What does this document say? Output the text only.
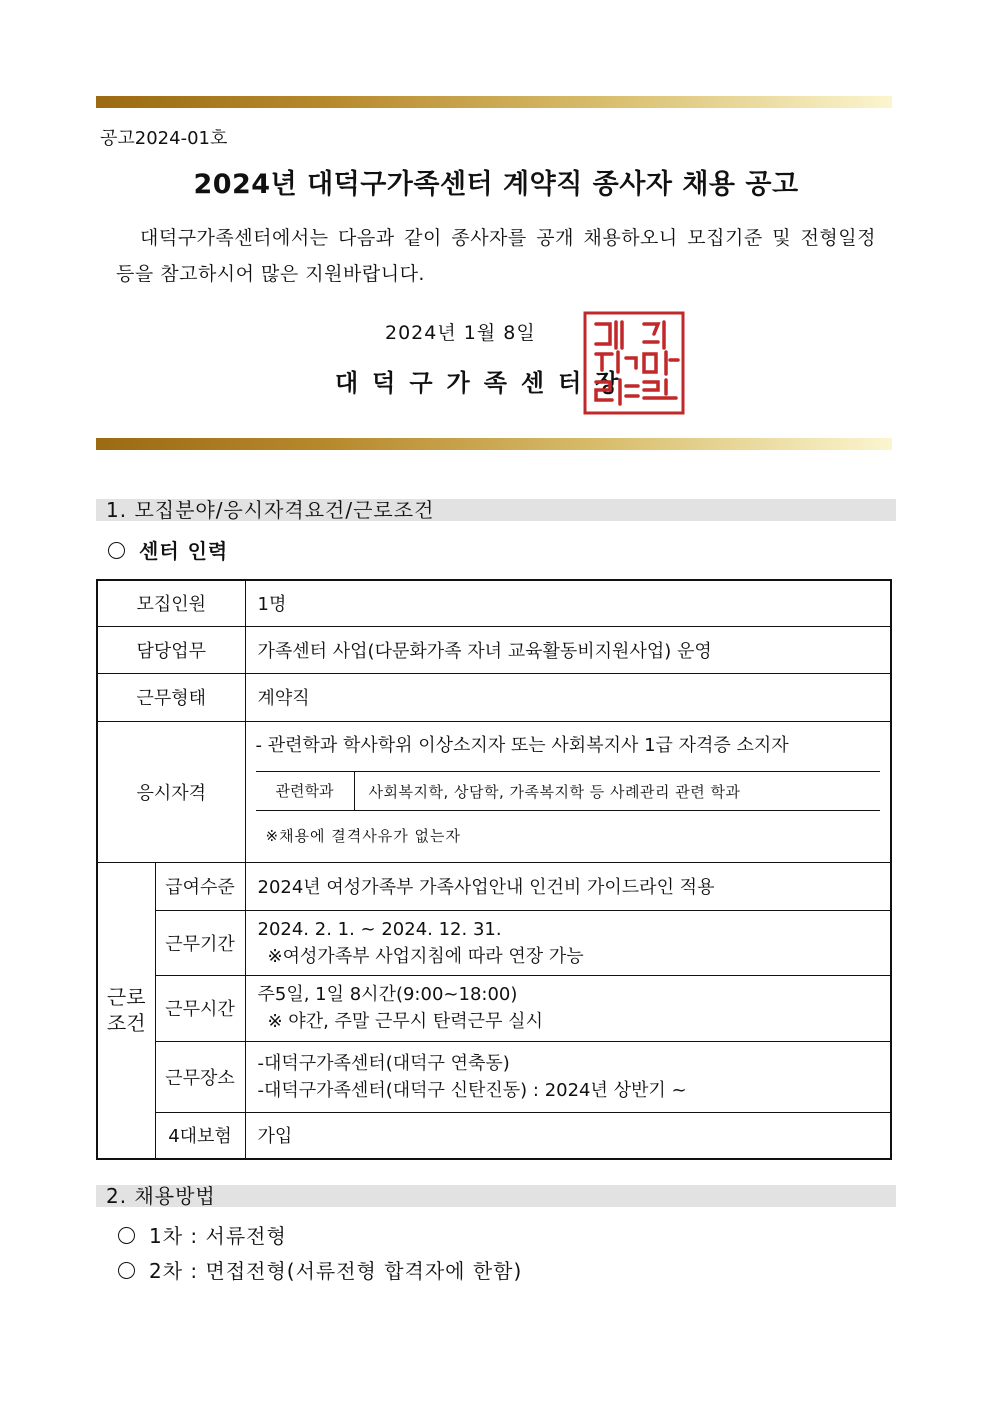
공고2024-01호
2024년 대덕구가족센터 계약직 종사자 채용 공고
대덕구가족센터에서는 다음과 같이 종사자를 공개 채용하오니 모집기준 및 전형일정 등을 참고하시어 많은 지원바랍니다.
2024년 1월 8일
대덕구가족센터장
1. 모집분야/응시자격요건/근로조건
센터 인력
모집인원		1명
담당업무		가족센터 사업(다문화가족 자녀 교육활동비지원사업) 운영
근무형태		계약직
응시자격		- 관련학과 학사학위 이상소지자 또는 사회복지사 1급 자격증 소지자
관련학과 사회복지학, 상담학, 가족복지학 등 사례관리 관련 학과
※채용에 결격사유가 없는자

근로
조건	급여수준	2024년 여성가족부 가족사업안내 인건비 가이드라인 적용
	근무기간	2024. 2. 1. ~ 2024. 12. 31.
※여성가족부 사업지침에 따라 연장 가능

	근무시간	주5일, 1일 8시간(9:00~18:00)
※ 야간, 주말 근무시 탄력근무 실시

	근무장소	-대덕구가족센터(대덕구 연축동)
-대덕구가족센터(대덕구 신탄진동) : 2024년 상반기 ~

	4대보험	가입
2. 채용방법
1차 : 서류전형
2차 : 면접전형(서류전형 합격자에 한함)
